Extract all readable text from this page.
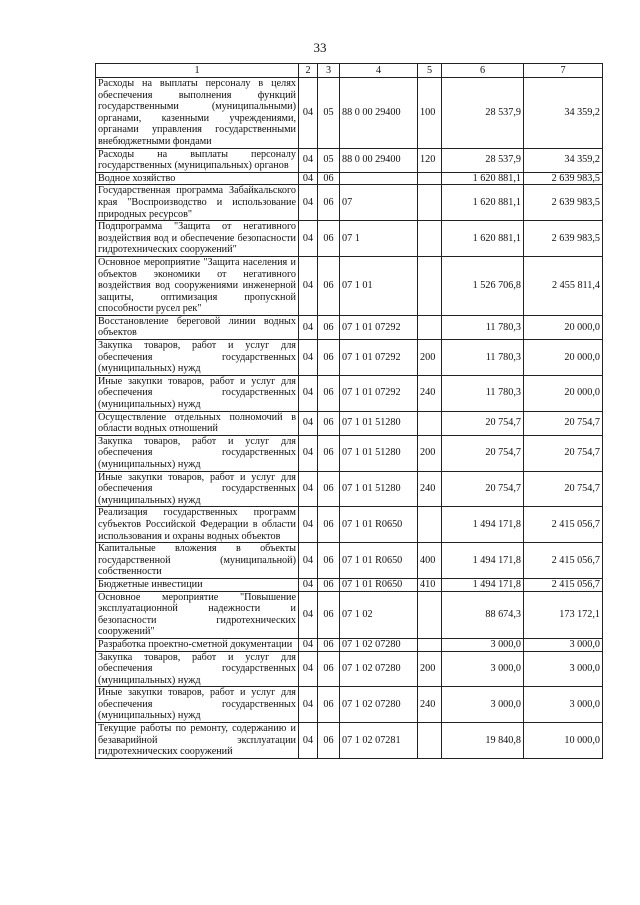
33
1	2	3	4	5	6	7
Расходы на выплаты персоналу в целях обеспечения выполнения функций государственными (муниципальными) органами, казенными учреждениями, органами управления государственными внебюджетными фондами	04	05	88 0 00 29400	100	28 537,9	34 359,2
Расходы на выплаты персоналу государственных (муниципальных) органов	04	05	88 0 00 29400	120	28 537,9	34 359,2
Водное хозяйство	04	06			1 620 881,1	2 639 983,5
Государственная программа Забайкальского края "Воспроизводство и использование природных ресурсов"	04	06	07		1 620 881,1	2 639 983,5
Подпрограмма "Защита от негативного воздействия вод и обеспечение безопасности гидротехнических сооружений"	04	06	07 1		1 620 881,1	2 639 983,5
Основное мероприятие "Защита населения и объектов экономики от негативного воздействия вод сооружениями инженерной защиты, оптимизация пропускной способности русел рек"	04	06	07 1 01		1 526 706,8	2 455 811,4
Восстановление береговой линии водных объектов	04	06	07 1 01 07292		11 780,3	20 000,0
Закупка товаров, работ и услуг для обеспечения государственных (муниципальных) нужд	04	06	07 1 01 07292	200	11 780,3	20 000,0
Иные закупки товаров, работ и услуг для обеспечения государственных (муниципальных) нужд	04	06	07 1 01 07292	240	11 780,3	20 000,0
Осуществление отдельных полномочий в области водных отношений	04	06	07 1 01 51280		20 754,7	20 754,7
Закупка товаров, работ и услуг для обеспечения государственных (муниципальных) нужд	04	06	07 1 01 51280	200	20 754,7	20 754,7
Иные закупки товаров, работ и услуг для обеспечения государственных (муниципальных) нужд	04	06	07 1 01 51280	240	20 754,7	20 754,7
Реализация государственных программ субъектов Российской Федерации в области использования и охраны водных объектов	04	06	07 1 01 R0650		1 494 171,8	2 415 056,7
Капитальные вложения в объекты государственной (муниципальной) собственности	04	06	07 1 01 R0650	400	1 494 171,8	2 415 056,7
Бюджетные инвестиции	04	06	07 1 01 R0650	410	1 494 171,8	2 415 056,7
Основное мероприятие "Повышение эксплуатационной надежности и безопасности гидротехнических сооружений"	04	06	07 1 02		88 674,3	173 172,1
Разработка проектно-сметной документации	04	06	07 1 02 07280		3 000,0	3 000,0
Закупка товаров, работ и услуг для обеспечения государственных (муниципальных) нужд	04	06	07 1 02 07280	200	3 000,0	3 000,0
Иные закупки товаров, работ и услуг для обеспечения государственных (муниципальных) нужд	04	06	07 1 02 07280	240	3 000,0	3 000,0
Текущие работы по ремонту, содержанию и безаварийной эксплуатации гидротехнических сооружений	04	06	07 1 02 07281		19 840,8	10 000,0
